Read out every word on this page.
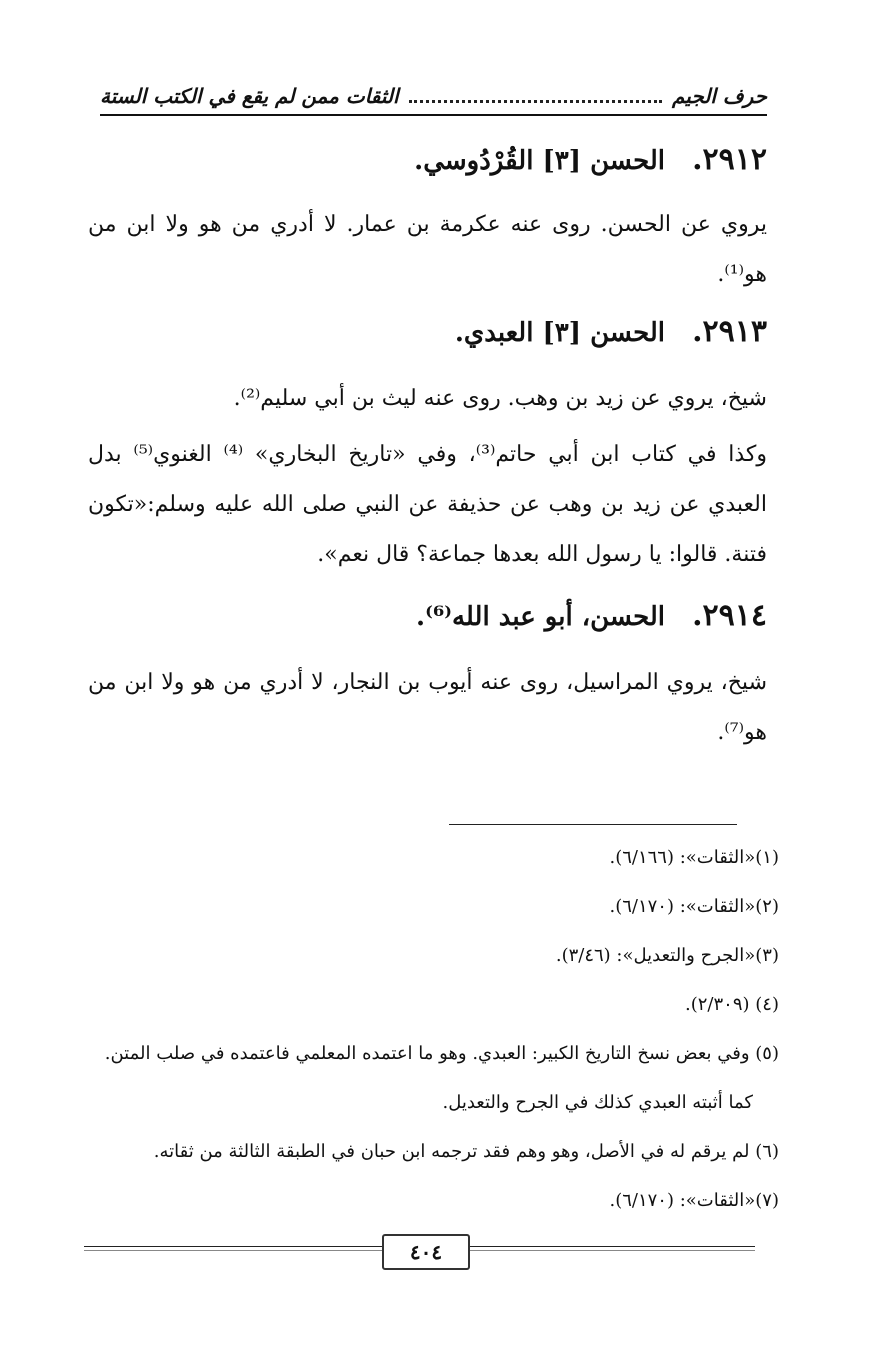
حرف الجيم
الثقات ممن لم يقع في الكتب الستة
٢٩١٢. الحسن [٣] القُرْدُوسي.
يروي عن الحسن. روى عنه عكرمة بن عمار. لا أدري من هو ولا ابن من هو⁽¹⁾.
٢٩١٣. الحسن [٣] العبدي.
شيخ، يروي عن زيد بن وهب. روى عنه ليث بن أبي سليم⁽²⁾.
وكذا في كتاب ابن أبي حاتم⁽³⁾، وفي «تاريخ البخاري» ⁽⁴⁾ الغنوي⁽⁵⁾ بدل العبدي عن زيد بن وهب عن حذيفة عن النبي صلى الله عليه وسلم:«تكون فتنة. قالوا: يا رسول الله بعدها جماعة؟ قال نعم».
٢٩١٤. الحسن، أبو عبد الله⁽⁶⁾.
شيخ، يروي المراسيل، روى عنه أيوب بن النجار، لا أدري من هو ولا ابن من هو⁽⁷⁾.
(١)«الثقات»: (٦/١٦٦).
(٢)«الثقات»: (٦/١٧٠).
(٣)«الجرح والتعديل»: (٣/٤٦).
(٤) (٢/٣٠٩).
(٥) وفي بعض نسخ التاريخ الكبير: العبدي. وهو ما اعتمده المعلمي فاعتمده في صلب المتن.
كما أثبته العبدي كذلك في الجرح والتعديل.
(٦) لم يرقم له في الأصل، وهو وهم فقد ترجمه ابن حبان في الطبقة الثالثة من ثقاته.
(٧)«الثقات»: (٦/١٧٠).
٤٠٤
